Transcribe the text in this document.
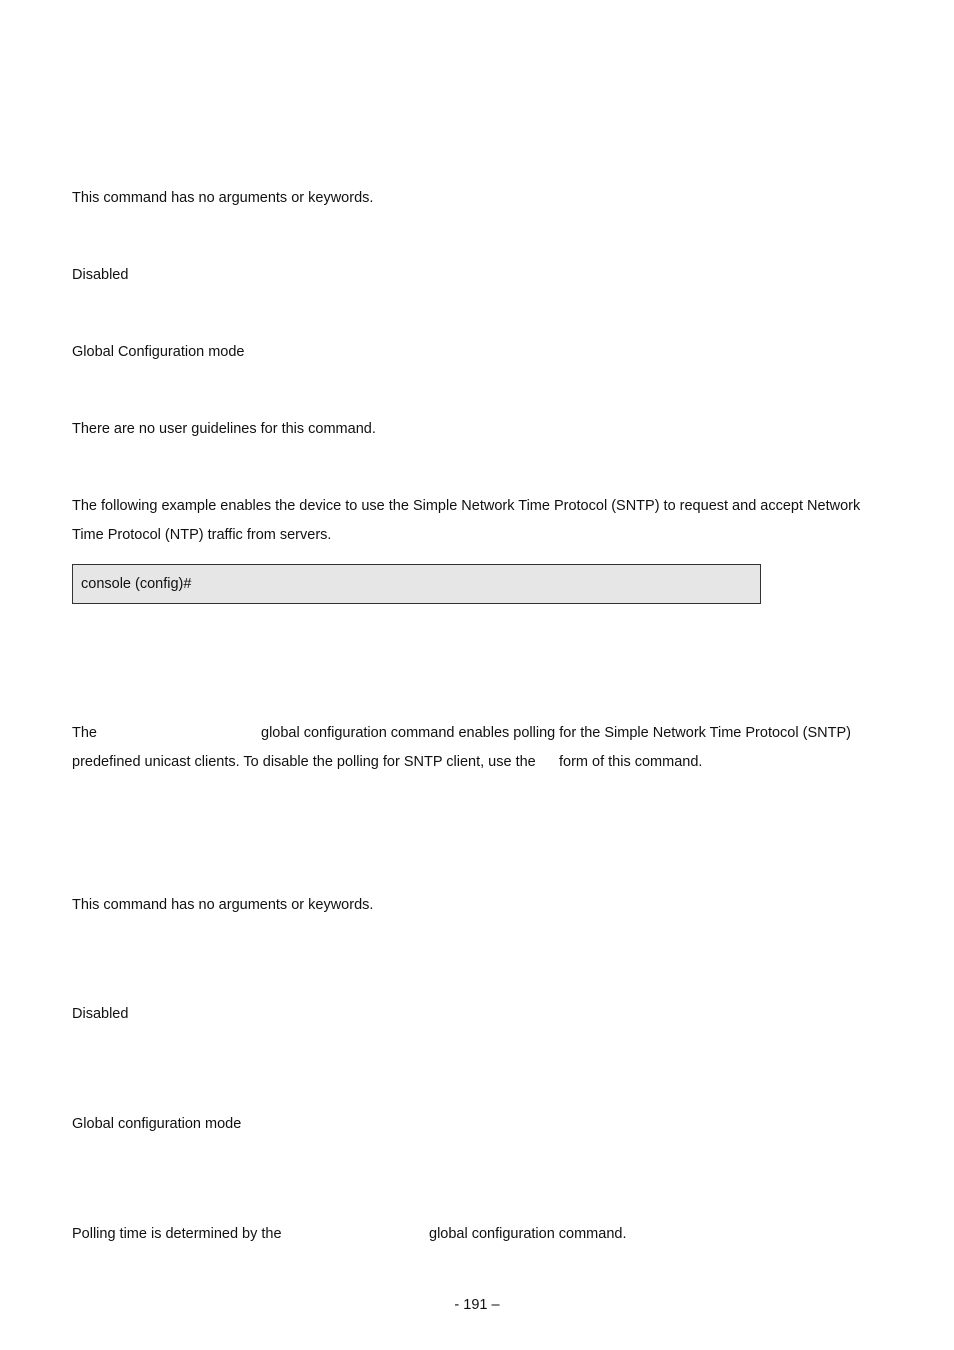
This command has no arguments or keywords.
Disabled
Global Configuration mode
There are no user guidelines for this command.
The following example enables the device to use the Simple Network Time Protocol (SNTP) to request and accept Network
Time Protocol (NTP) traffic from servers.
console (config)#
The	global configuration command enables polling for the Simple Network Time Protocol (SNTP)
predefined unicast clients. To disable the polling for SNTP client, use the form of this command.
This command has no arguments or keywords.
Disabled
Global configuration mode
Polling time is determined by the	global configuration command.
- 191 –
